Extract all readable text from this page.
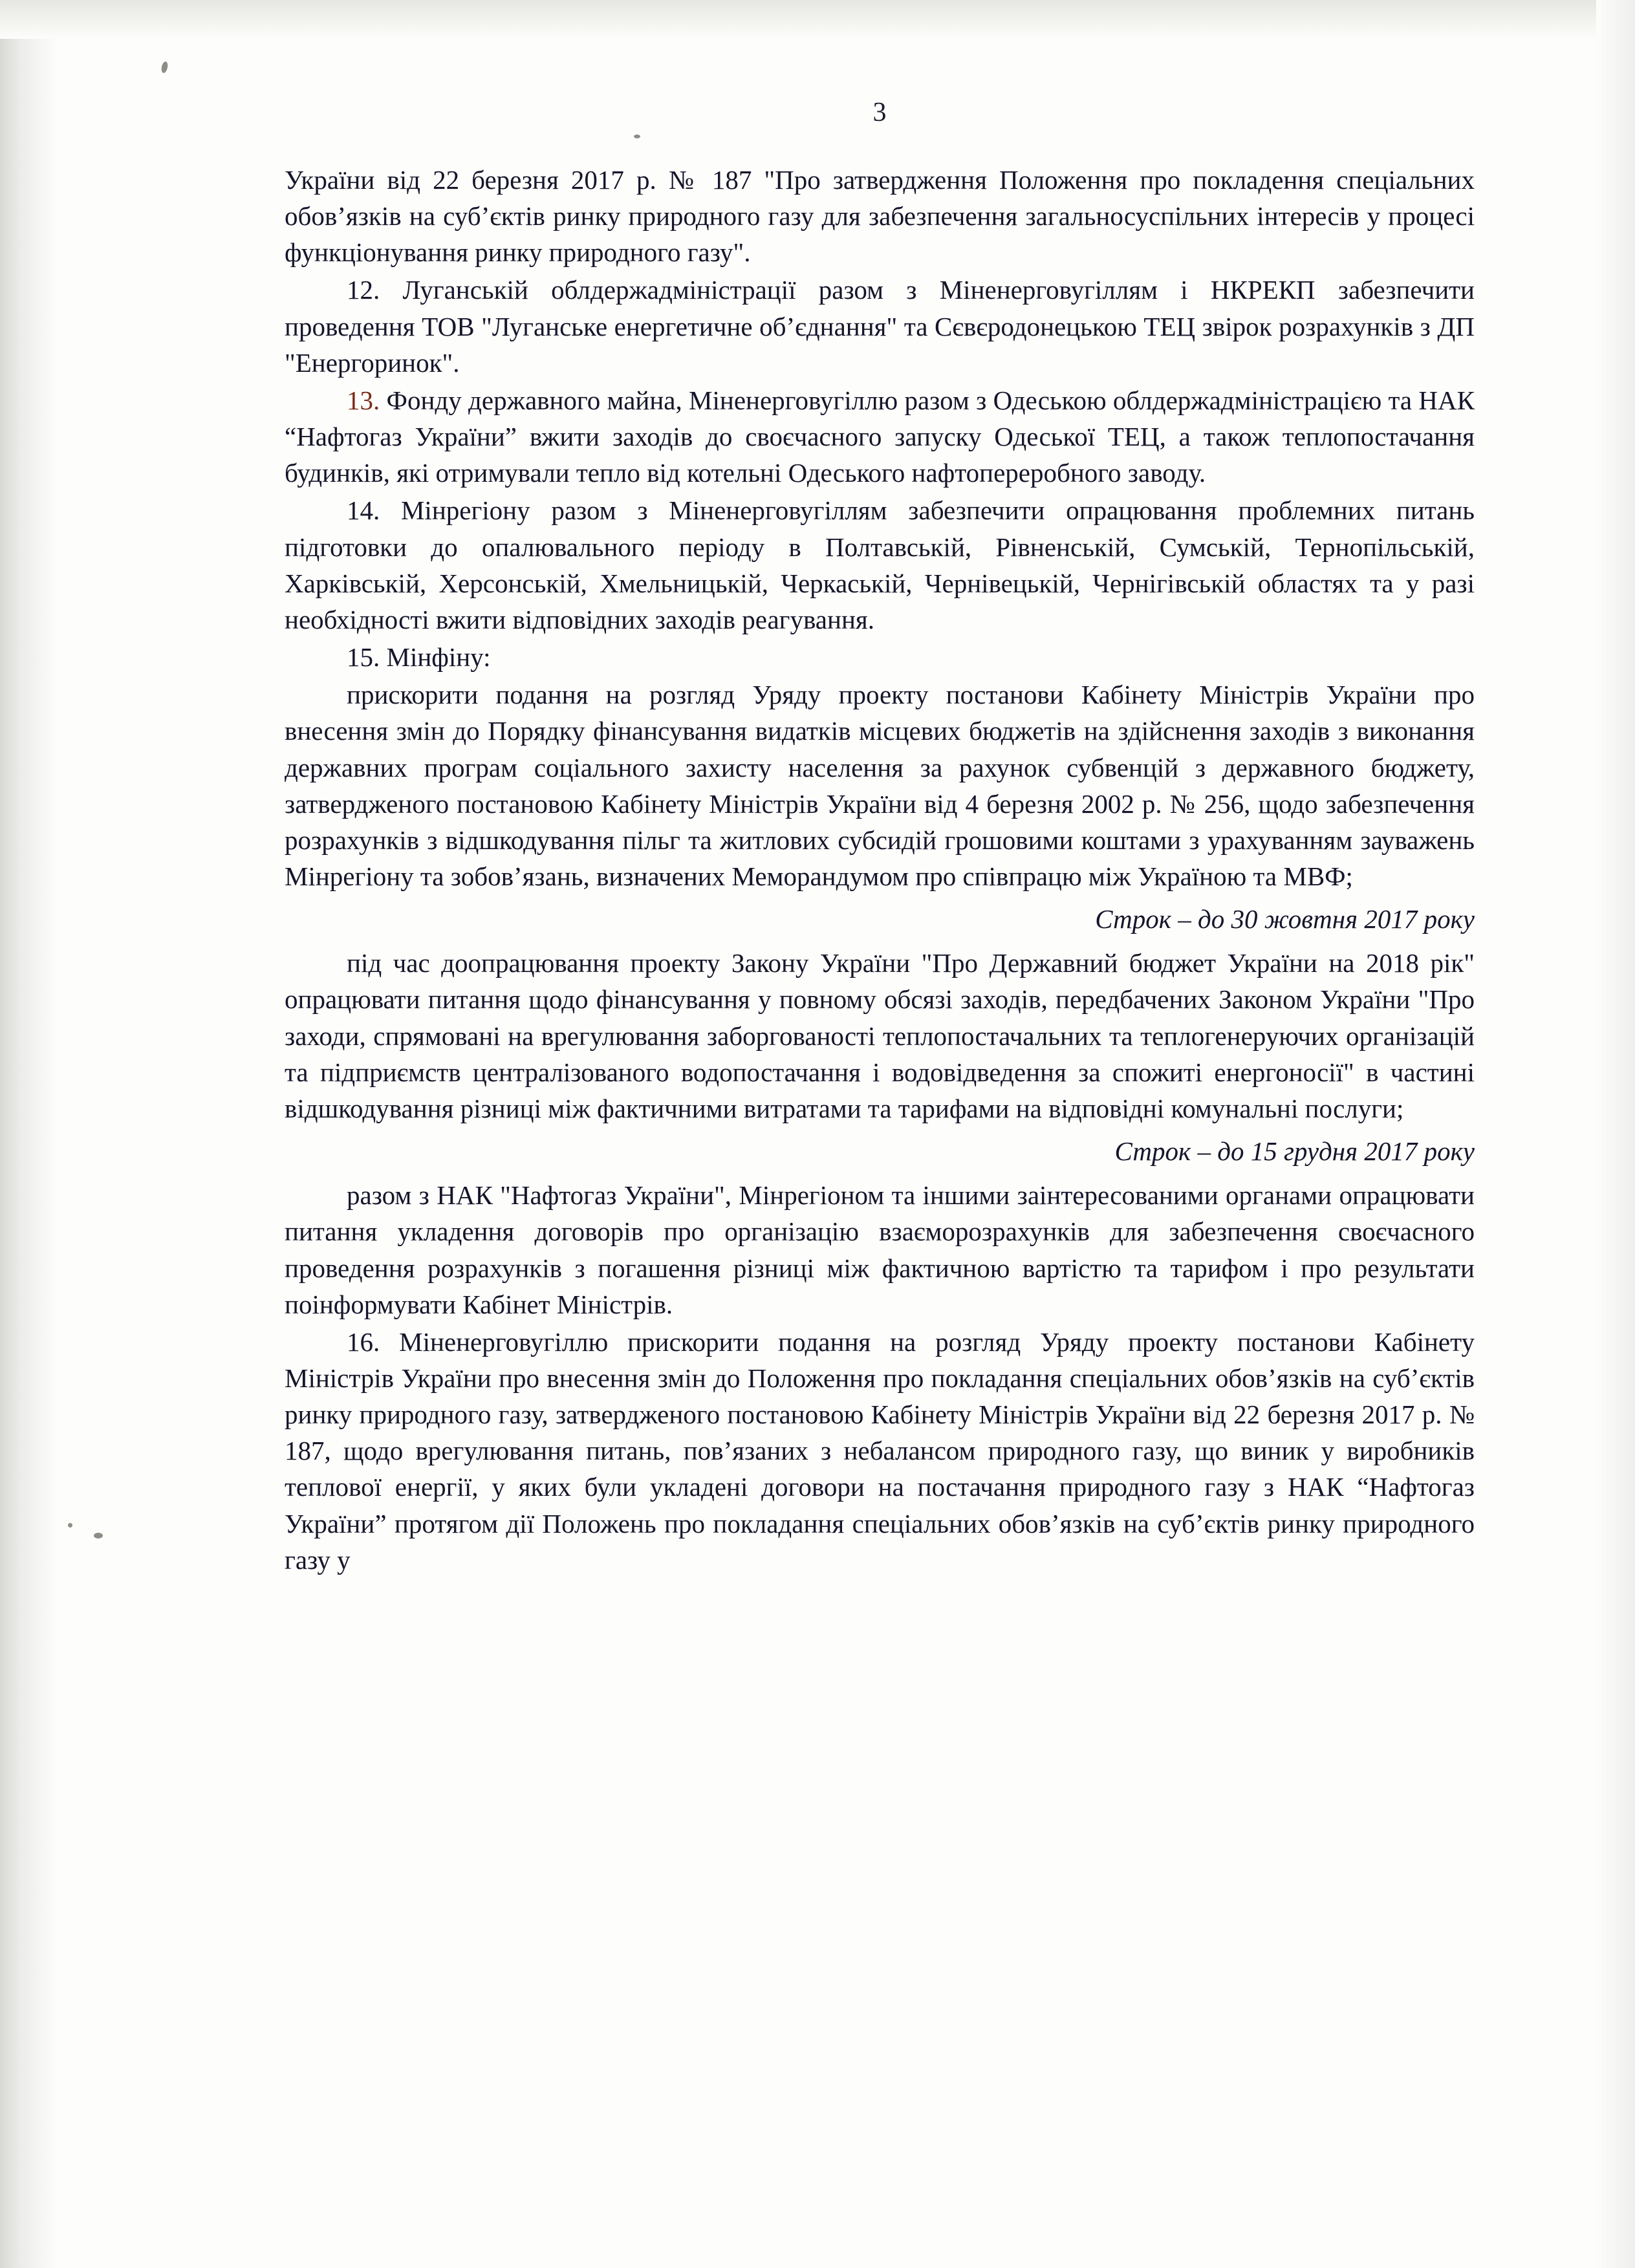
3

України від 22 березня 2017 р. № 187 "Про затвердження Положення про покладення спеціальних обов’язків на суб’єктів ринку природного газу для забезпечення загальносуспільних інтересів у процесі функціонування ринку природного газу".

12. Луганській облдержадміністрації разом з Міненерговугіллям і НКРЕКП забезпечити проведення ТОВ "Луганське енергетичне об’єднання" та Сєвєродонецькою ТЕЦ звірок розрахунків з ДП "Енергоринок".

13. Фонду державного майна, Міненерговугіллю разом з Одеською облдержадміністрацією та НАК “Нафтогаз України” вжити заходів до своєчасного запуску Одеської ТЕЦ, а також теплопостачання будинків, які отримували тепло від котельні Одеського нафтопереробного заводу.

14. Мінрегіону разом з Міненерговугіллям забезпечити опрацювання проблемних питань підготовки до опалювального періоду в Полтавській, Рівненській, Сумській, Тернопільській, Харківській, Херсонській, Хмельницькій, Черкаській, Чернівецькій, Чернігівській областях та у разі необхідності вжити відповідних заходів реагування.

15. Мінфіну:

прискорити подання на розгляд Уряду проекту постанови Кабінету Міністрів України про внесення змін до Порядку фінансування видатків місцевих бюджетів на здійснення заходів з виконання державних програм соціального захисту населення за рахунок субвенцій з державного бюджету, затвердженого постановою Кабінету Міністрів України від 4 березня 2002 р. № 256, щодо забезпечення розрахунків з відшкодування пільг та житлових субсидій грошовими коштами з урахуванням зауважень Мінрегіону та зобов’язань, визначених Меморандумом про співпрацю між Україною та МВФ;

Строк – до 30 жовтня 2017 року

під час доопрацювання проекту Закону України "Про Державний бюджет України на 2018 рік" опрацювати питання щодо фінансування у повному обсязі заходів, передбачених Законом України "Про заходи, спрямовані на врегулювання заборгованості теплопостачальних та теплогенеруючих організацій та підприємств централізованого водопостачання і водовідведення за спожиті енергоносії" в частині відшкодування різниці між фактичними витратами та тарифами на відповідні комунальні послуги;

Строк – до 15 грудня 2017 року

разом з НАК "Нафтогаз України", Мінрегіоном та іншими заінтересованими органами опрацювати питання укладення договорів про організацію взаєморозрахунків для забезпечення своєчасного проведення розрахунків з погашення різниці між фактичною вартістю та тарифом і про результати поінформувати Кабінет Міністрів.

16. Міненерговугіллю прискорити подання на розгляд Уряду проекту постанови Кабінету Міністрів України про внесення змін до Положення про покладання спеціальних обов’язків на суб’єктів ринку природного газу, затвердженого постановою Кабінету Міністрів України від 22 березня 2017 р. № 187, щодо врегулювання питань, пов’язаних з небалансом природного газу, що виник у виробників теплової енергії, у яких були укладені договори на постачання природного газу з НАК “Нафтогаз України” протягом дії Положень про покладання спеціальних обов’язків на суб’єктів ринку природного газу у
